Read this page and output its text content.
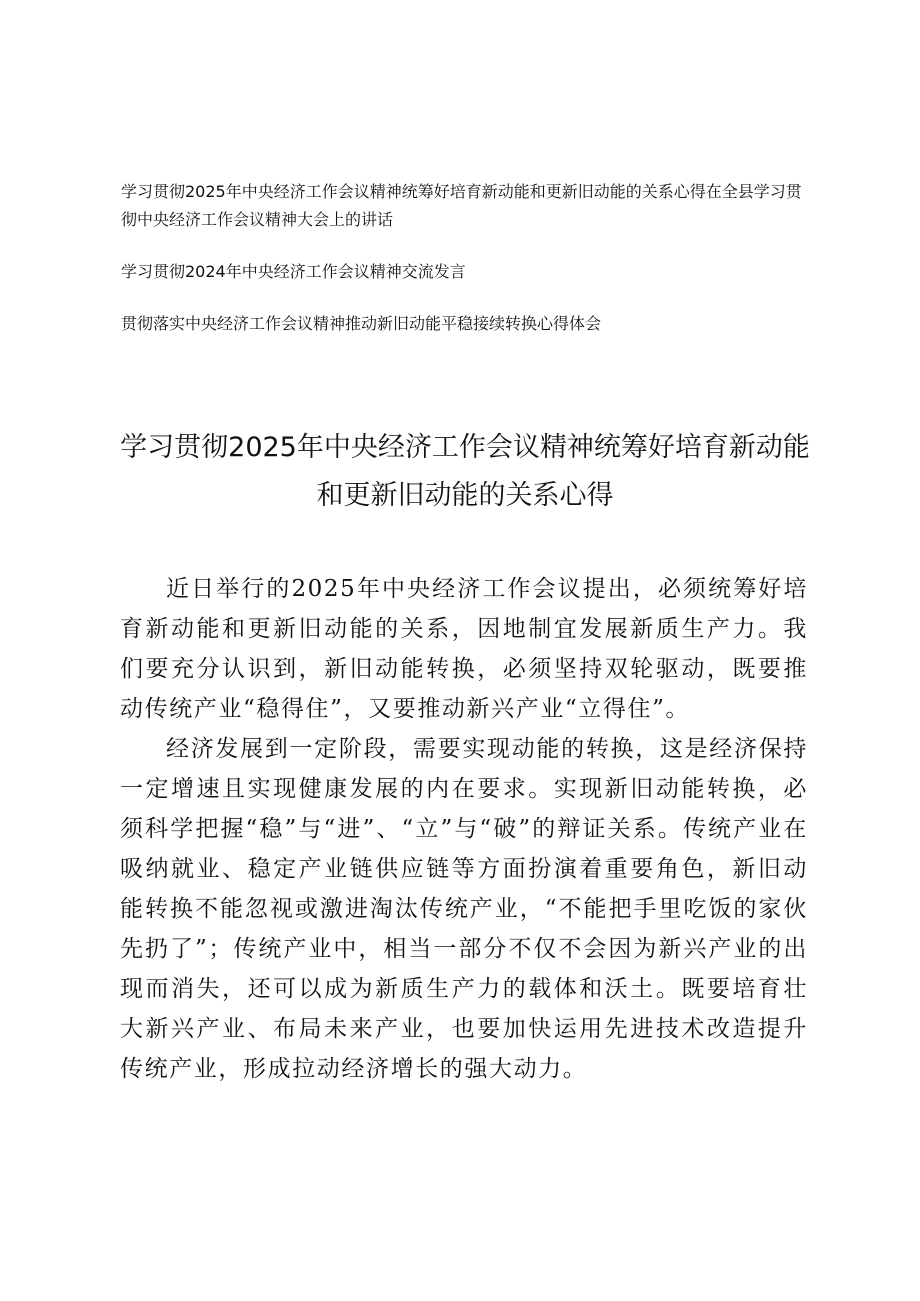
学习贯彻2025年中央经济工作会议精神统筹好培育新动能和更新旧动能的关系心得在全县学习贯彻中央经济工作会议精神大会上的讲话
学习贯彻2024年中央经济工作会议精神交流发言
贯彻落实中央经济工作会议精神推动新旧动能平稳接续转换心得体会
学习贯彻2025年中央经济工作会议精神统筹好培育新动能和更新旧动能的关系心得

近日举行的2025年中央经济工作会议提出，必须统筹好培育新动能和更新旧动能的关系，因地制宜发展新质生产力。我们要充分认识到，新旧动能转换，必须坚持双轮驱动，既要推动传统产业“稳得住”，又要推动新兴产业“立得住”。

经济发展到一定阶段，需要实现动能的转换，这是经济保持一定增速且实现健康发展的内在要求。实现新旧动能转换，必须科学把握“稳”与“进”、“立”与“破”的辩证关系。传统产业在吸纳就业、稳定产业链供应链等方面扮演着重要角色，新旧动能转换不能忽视或激进淘汰传统产业，“不能把手里吃饭的家伙先扔了”；传统产业中，相当一部分不仅不会因为新兴产业的出现而消失，还可以成为新质生产力的载体和沃土。既要培育壮大新兴产业、布局未来产业，也要加快运用先进技术改造提升传统产业，形成拉动经济增长的强大动力。
